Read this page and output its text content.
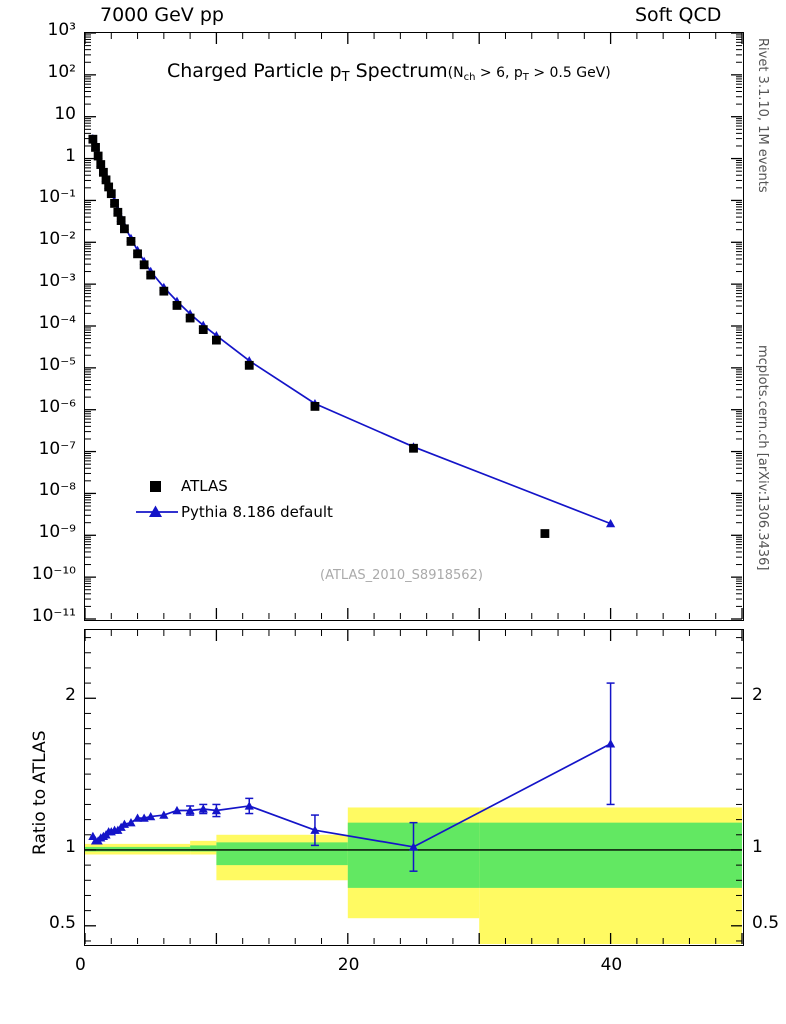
7000 GeV pp	Soft QCD
Rivet 3.1.10, 1M events
mcplots.cern.ch [arXiv:1306.3436]
Charged Particle $p_T$ Spectrum(Nch > 6, pT > 0.5 GeV)
(ATLAS_2010_S8918562)
ATLAS
Pythia 8.186 default
10³
10²
10
1
10⁻¹
10⁻²
10⁻³
10⁻⁴
10⁻⁵
10⁻⁶
10⁻⁷
10⁻⁸
10⁻⁹
10⁻¹⁰
10⁻¹¹
Ratio to ATLAS
2
1
0.5
2
1
0.5
0	20	40
